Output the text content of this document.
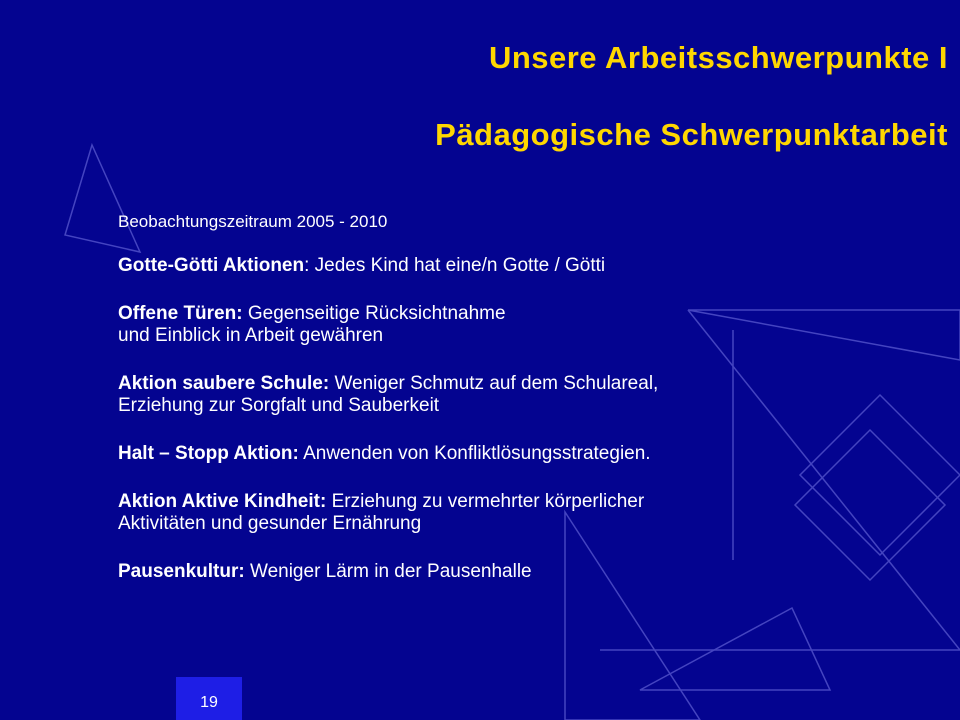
Unsere Arbeitsschwerpunkte I
Pädagogische Schwerpunktarbeit

Beobachtungszeitraum 2005 - 2010

Gotte-Götti Aktionen: Jedes Kind hat eine/n Gotte / Götti

Offene Türen: Gegenseitige Rücksichtnahme
und Einblick in Arbeit gewähren

Aktion saubere Schule: Weniger Schmutz auf dem Schulareal,
Erziehung zur Sorgfalt und Sauberkeit

Halt – Stopp Aktion: Anwenden von Konfliktlösungsstrategien.

Aktion Aktive Kindheit: Erziehung zu vermehrter körperlicher
Aktivitäten und gesunder Ernährung

Pausenkultur: Weniger Lärm in der Pausenhalle

19
